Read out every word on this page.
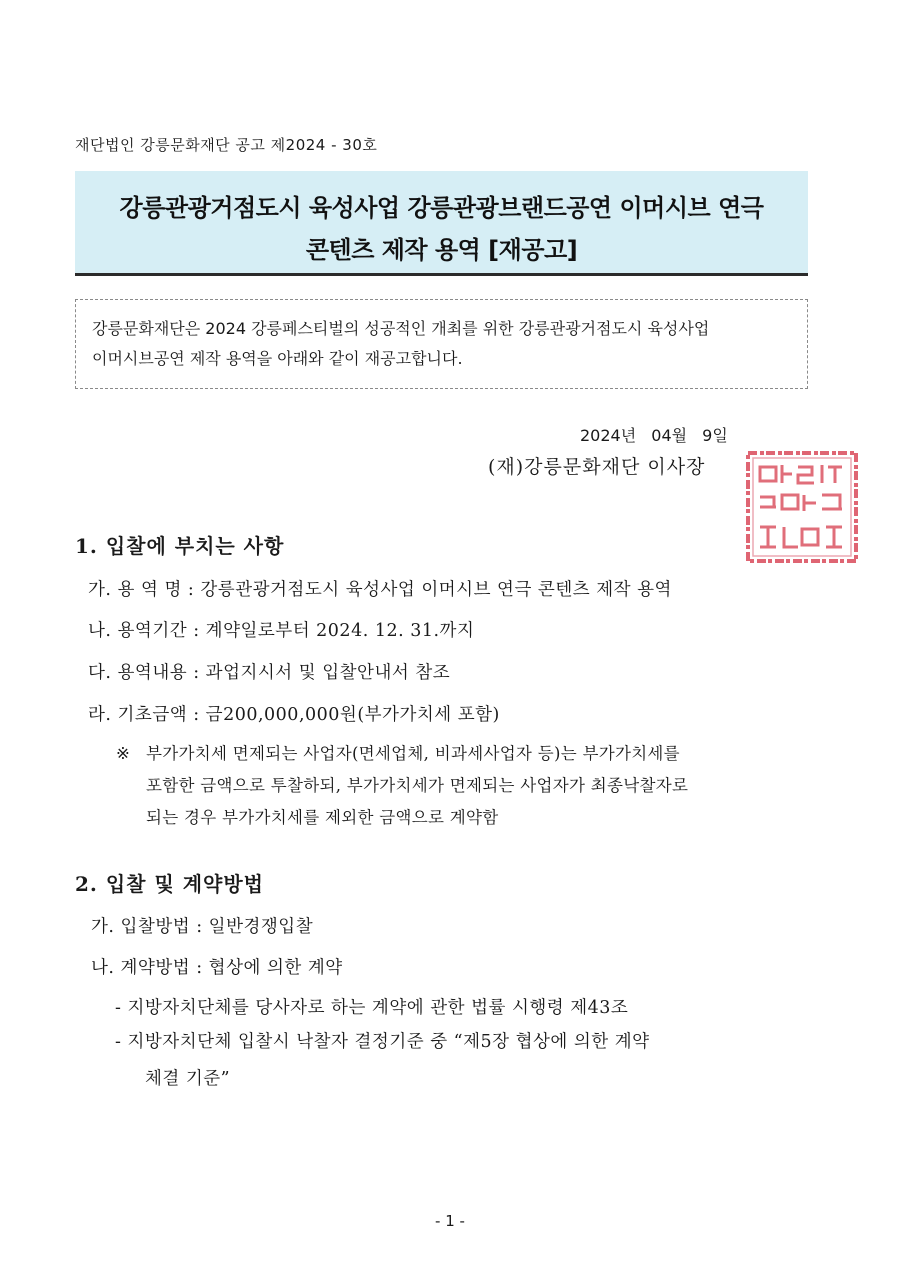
재단법인 강릉문화재단 공고 제2024 - 30호
강릉관광거점도시 육성사업 강릉관광브랜드공연 이머시브 연극
콘텐츠 제작 용역 [재공고]
강릉문화재단은 2024 강릉페스티벌의 성공적인 개최를 위한 강릉관광거점도시 육성사업
이머시브공연 제작 용역을 아래와 같이 재공고합니다.
2024년 04월 9일
(재)강릉문화재단 이사장
1. 입찰에 부치는 사항
가. 용 역 명 : 강릉관광거점도시 육성사업 이머시브 연극 콘텐츠 제작 용역
나. 용역기간 : 계약일로부터 2024. 12. 31.까지
다. 용역내용 : 과업지시서 및 입찰안내서 참조
라. 기초금액 : 금200,000,000원(부가가치세 포함)
※ 부가가치세 면제되는 사업자(면세업체, 비과세사업자 등)는 부가가치세를
포함한 금액으로 투찰하되, 부가가치세가 면제되는 사업자가 최종낙찰자로
되는 경우 부가가치세를 제외한 금액으로 계약함
2. 입찰 및 계약방법
가. 입찰방법 : 일반경쟁입찰
나. 계약방법 : 협상에 의한 계약
- 지방자치단체를 당사자로 하는 계약에 관한 법률 시행령 제43조
- 지방자치단체 입찰시 낙찰자 결정기준 중 “제5장 협상에 의한 계약
체결 기준”
- 1 -
